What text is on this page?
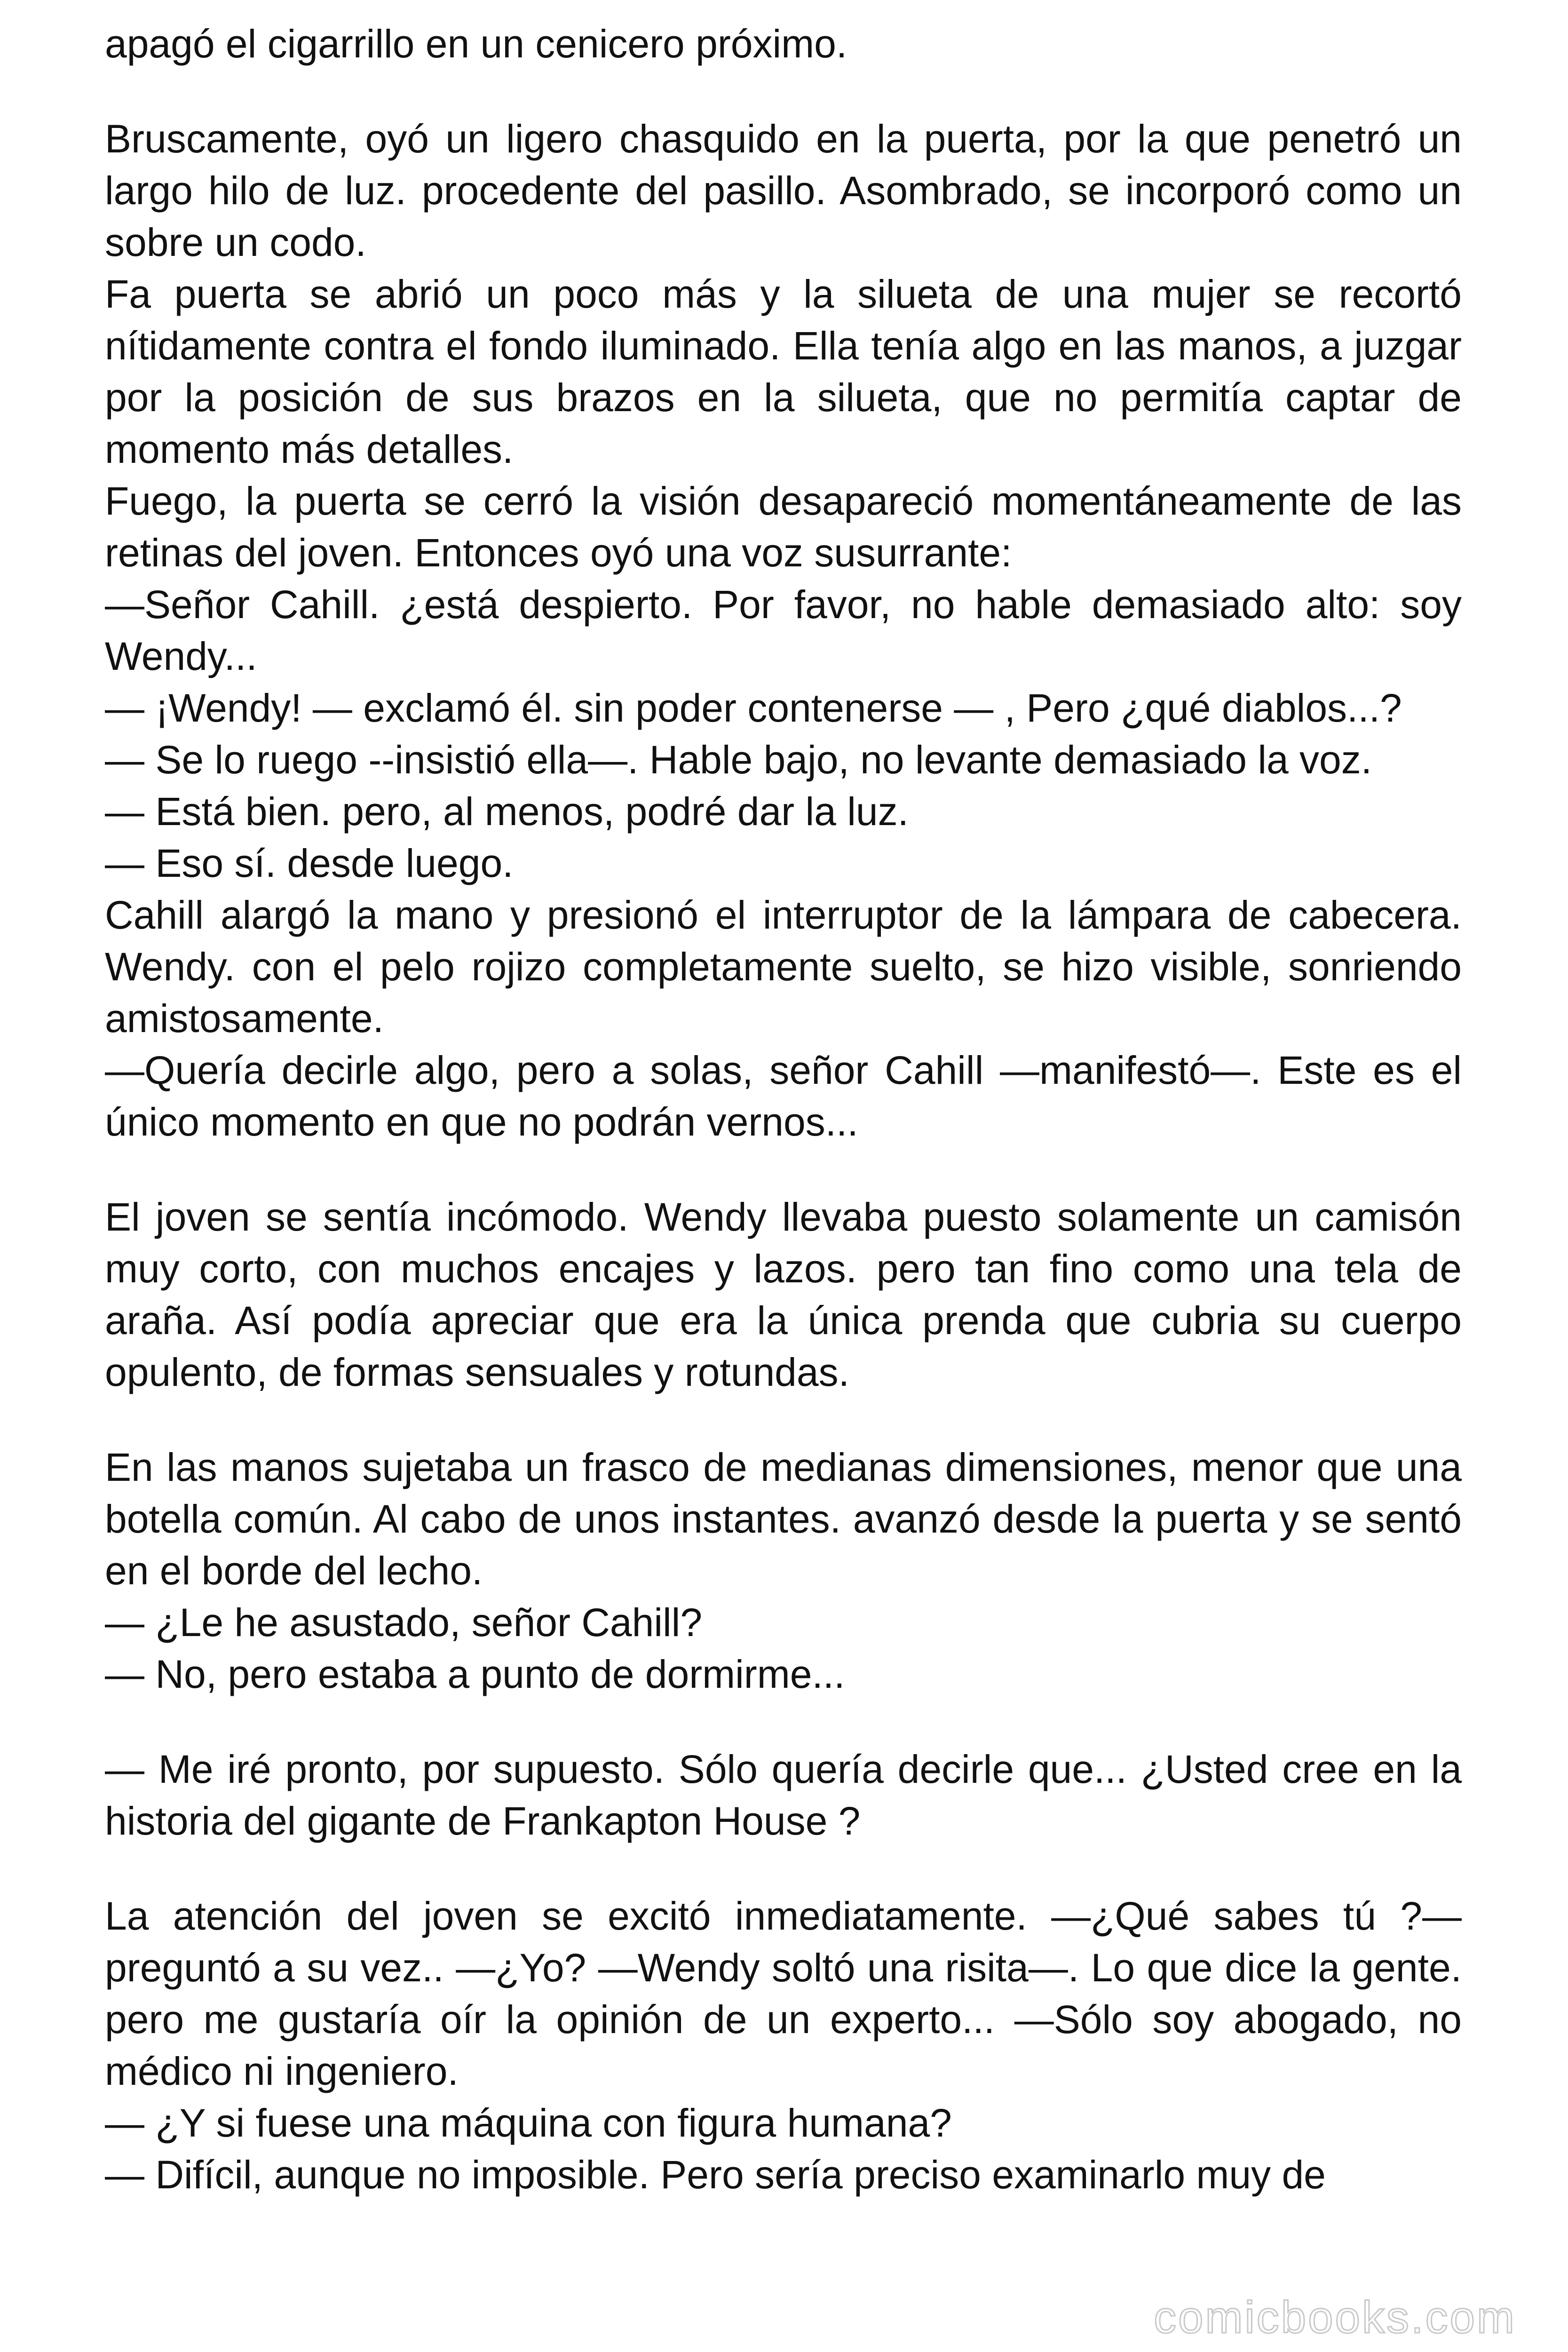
apagó el cigarrillo en un cenicero próximo.

Bruscamente, oyó un ligero chasquido en la puerta, por la que penetró un largo hilo de luz. procedente del pasillo. Asombrado, se incorporó como un sobre un codo.

Fa puerta se abrió un poco más y la silueta de una mujer se recortó nítidamente contra el fondo iluminado. Ella tenía algo en las manos, a juzgar por la posición de sus brazos en la silueta, que no permitía captar de momento más detalles.

Fuego, la puerta se cerró la visión desapareció momentáneamente de las retinas del joven. Entonces oyó una voz susurrante:

—Señor Cahill. ¿está despierto. Por favor, no hable demasiado alto: soy Wendy...

— ¡Wendy! — exclamó él. sin poder contenerse — , Pero ¿qué diablos...?

— Se lo ruego --insistió ella—. Hable bajo, no levante demasiado la voz.

— Está bien. pero, al menos, podré dar la luz.

— Eso sí. desde luego.

Cahill alargó la mano y presionó el interruptor de la lámpara de cabecera. Wendy. con el pelo rojizo completamente suelto, se hizo visible, sonriendo amistosamente.

—Quería decirle algo, pero a solas, señor Cahill —manifestó—. Este es el único momento en que no podrán vernos...

El joven se sentía incómodo. Wendy llevaba puesto solamente un camisón muy corto, con muchos encajes y lazos. pero tan fino como una tela de araña. Así podía apreciar que era la única prenda que cubria su cuerpo opulento, de formas sensuales y rotundas.

En las manos sujetaba un frasco de medianas dimensiones, menor que una botella común. Al cabo de unos instantes. avanzó desde la puerta y se sentó en el borde del lecho.

— ¿Le he asustado, señor Cahill?

— No, pero estaba a punto de dormirme...

— Me iré pronto, por supuesto. Sólo quería decirle que... ¿Usted cree en la historia del gigante de Frankapton House ?

La atención del joven se excitó inmediatamente. —¿Qué sabes tú ?— preguntó a su vez.. —¿Yo? —Wendy soltó una risita—. Lo que dice la gente. pero me gustaría oír la opinión de un experto... —Sólo soy abogado, no médico ni ingeniero.

— ¿Y si fuese una máquina con figura humana?

— Difícil, aunque no imposible. Pero sería preciso examinarlo muy de

comicbooks.com
